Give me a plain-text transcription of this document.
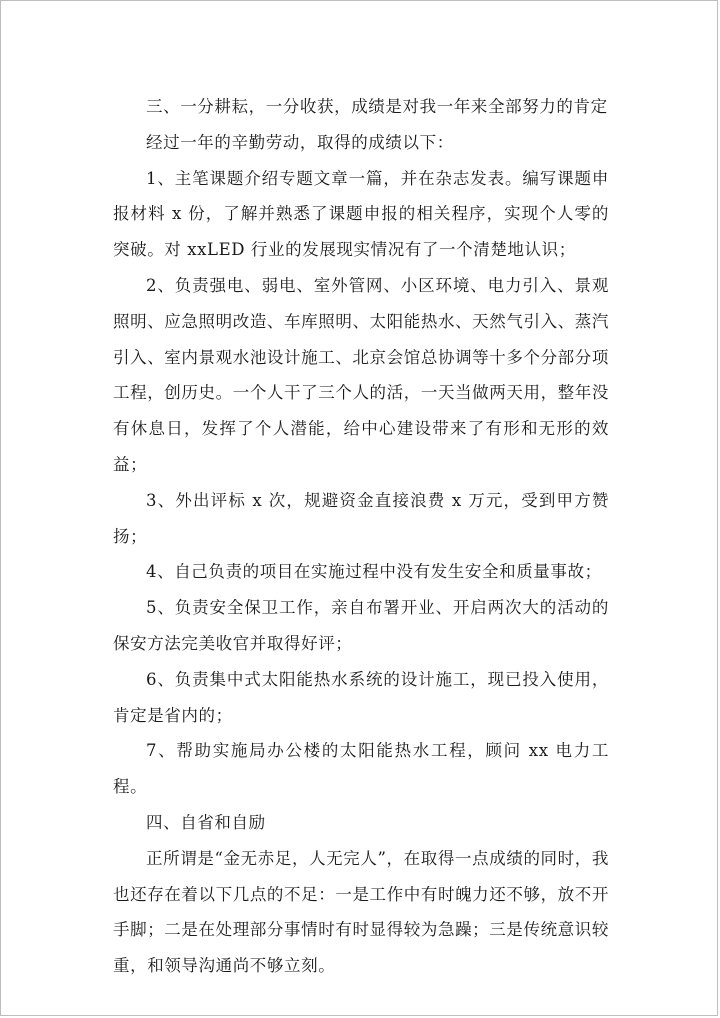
三、一分耕耘，一分收获，成绩是对我一年来全部努力的肯定

经过一年的辛勤劳动，取得的成绩以下：

1、主笔课题介绍专题文章一篇，并在杂志发表。编写课题申报材料 x 份，了解并熟悉了课题申报的相关程序，实现个人零的突破。对 xxLED 行业的发展现实情况有了一个清楚地认识；

2、负责强电、弱电、室外管网、小区环境、电力引入、景观照明、应急照明改造、车库照明、太阳能热水、天然气引入、蒸汽引入、室内景观水池设计施工、北京会馆总协调等十多个分部分项工程，创历史。一个人干了三个人的活，一天当做两天用，整年没有休息日，发挥了个人潜能，给中心建设带来了有形和无形的效益；

3、外出评标 x 次，规避资金直接浪费 x 万元，受到甲方赞扬；

4、自己负责的项目在实施过程中没有发生安全和质量事故；

5、负责安全保卫工作，亲自布署开业、开启两次大的活动的保安方法完美收官并取得好评；

6、负责集中式太阳能热水系统的设计施工，现已投入使用，肯定是省内的；

7、帮助实施局办公楼的太阳能热水工程，顾问 xx 电力工程。

四、自省和自励

正所谓是“金无赤足，人无完人”，在取得一点成绩的同时，我也还存在着以下几点的不足：一是工作中有时魄力还不够，放不开手脚；二是在处理部分事情时有时显得较为急躁；三是传统意识较重，和领导沟通尚不够立刻。
